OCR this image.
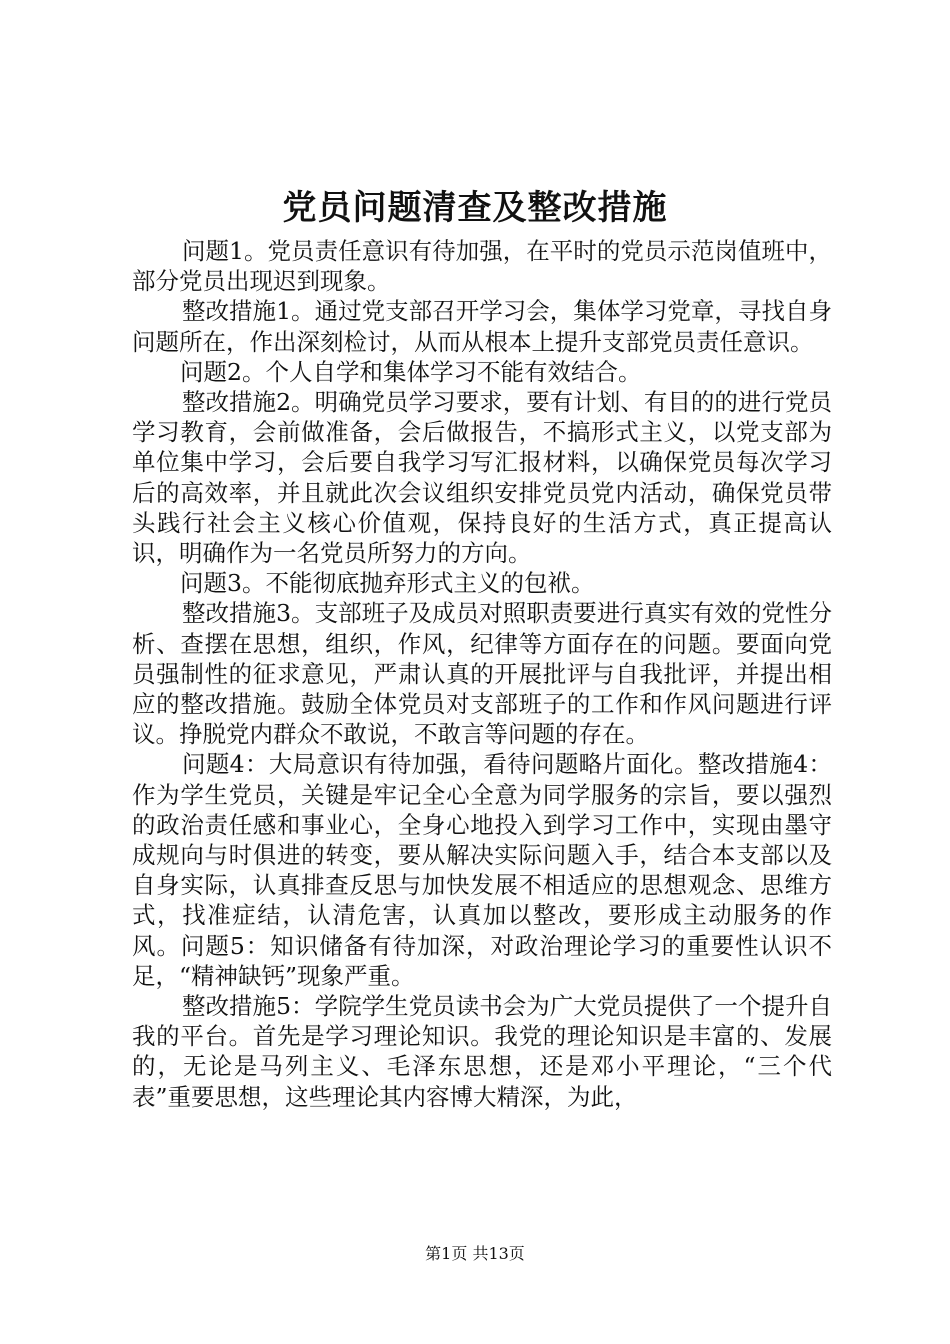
党员问题清查及整改措施

问题1。党员责任意识有待加强，在平时的党员示范岗值班中，部分党员出现迟到现象。

整改措施1。通过党支部召开学习会，集体学习党章，寻找自身问题所在，作出深刻检讨，从而从根本上提升支部党员责任意识。

问题2。个人自学和集体学习不能有效结合。

整改措施2。明确党员学习要求，要有计划、有目的的进行党员学习教育，会前做准备，会后做报告，不搞形式主义，以党支部为单位集中学习，会后要自我学习写汇报材料，以确保党员每次学习后的高效率，并且就此次会议组织安排党员党内活动，确保党员带头践行社会主义核心价值观，保持良好的生活方式，真正提高认识，明确作为一名党员所努力的方向。

问题3。不能彻底抛弃形式主义的包袱。

整改措施3。支部班子及成员对照职责要进行真实有效的党性分析、查摆在思想，组织，作风，纪律等方面存在的问题。要面向党员强制性的征求意见，严肃认真的开展批评与自我批评，并提出相应的整改措施。鼓励全体党员对支部班子的工作和作风问题进行评议。挣脱党内群众不敢说，不敢言等问题的存在。

问题4：大局意识有待加强，看待问题略片面化。整改措施4：作为学生党员，关键是牢记全心全意为同学服务的宗旨，要以强烈的政治责任感和事业心，全身心地投入到学习工作中，实现由墨守成规向与时俱进的转变，要从解决实际问题入手，结合本支部以及自身实际，认真排查反思与加快发展不相适应的思想观念、思维方式，找准症结，认清危害，认真加以整改，要形成主动服务的作风。问题5：知识储备有待加深，对政治理论学习的重要性认识不足，“精神缺钙”现象严重。

整改措施5：学院学生党员读书会为广大党员提供了一个提升自我的平台。首先是学习理论知识。我党的理论知识是丰富的、发展的，无论是马列主义、毛泽东思想，还是邓小平理论，“三个代表”重要思想，这些理论其内容博大精深，为此，

第1页 共13页
